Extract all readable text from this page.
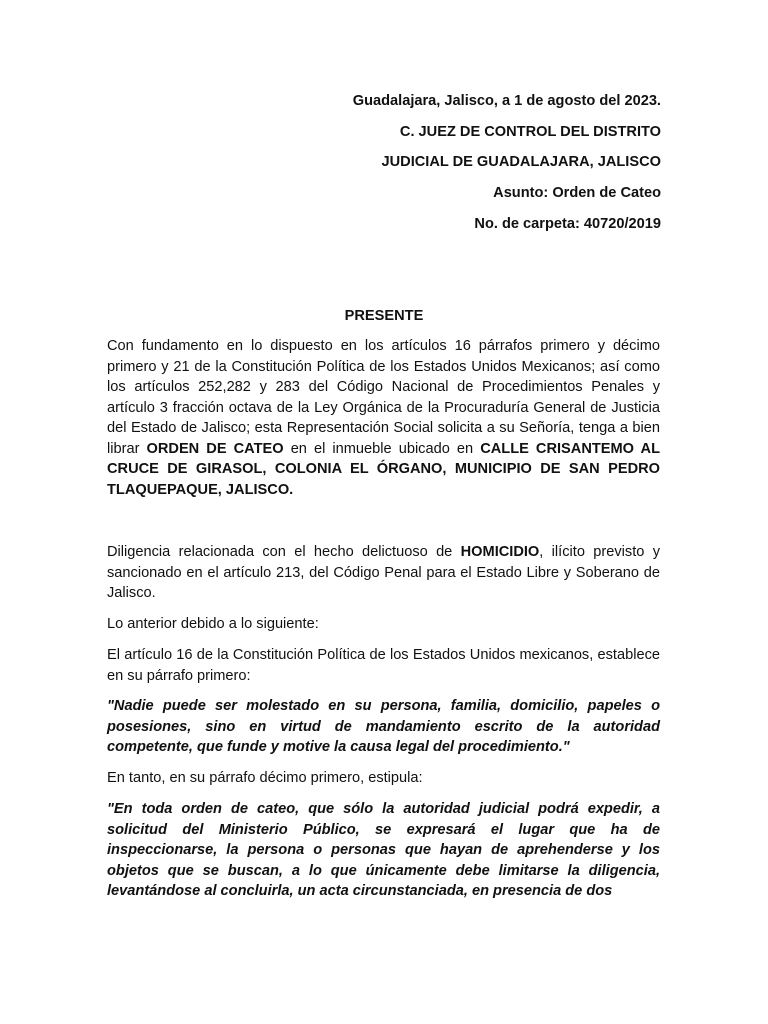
Guadalajara, Jalisco, a 1 de agosto del 2023.
C. JUEZ DE CONTROL DEL DISTRITO
JUDICIAL DE GUADALAJARA, JALISCO
Asunto: Orden de Cateo
No. de carpeta: 40720/2019
PRESENTE

Con fundamento en lo dispuesto en los artículos 16 párrafos primero y décimo primero y 21 de la Constitución Política de los Estados Unidos Mexicanos; así como los artículos 252,282 y 283 del Código Nacional de Procedimientos Penales y artículo 3 fracción octava de la Ley Orgánica de la Procuraduría General de Justicia del Estado de Jalisco; esta Representación Social solicita a su Señoría, tenga a bien librar ORDEN DE CATEO en el inmueble ubicado en CALLE CRISANTEMO AL CRUCE DE GIRASOL, COLONIA EL ÓRGANO, MUNICIPIO DE SAN PEDRO TLAQUEPAQUE, JALISCO.

Diligencia relacionada con el hecho delictuoso de HOMICIDIO, ilícito previsto y sancionado en el artículo 213, del Código Penal para el Estado Libre y Soberano de Jalisco.

Lo anterior debido a lo siguiente:

El artículo 16 de la Constitución Política de los Estados Unidos mexicanos, establece en su párrafo primero:

"Nadie puede ser molestado en su persona, familia, domicilio, papeles o posesiones, sino en virtud de mandamiento escrito de la autoridad competente, que funde y motive la causa legal del procedimiento."

En tanto, en su párrafo décimo primero, estipula:

"En toda orden de cateo, que sólo la autoridad judicial podrá expedir, a solicitud del Ministerio Público, se expresará el lugar que ha de inspeccionarse, la persona o personas que hayan de aprehenderse y los objetos que se buscan, a lo que únicamente debe limitarse la diligencia, levantándose al concluirla, un acta circunstanciada, en presencia de dos
